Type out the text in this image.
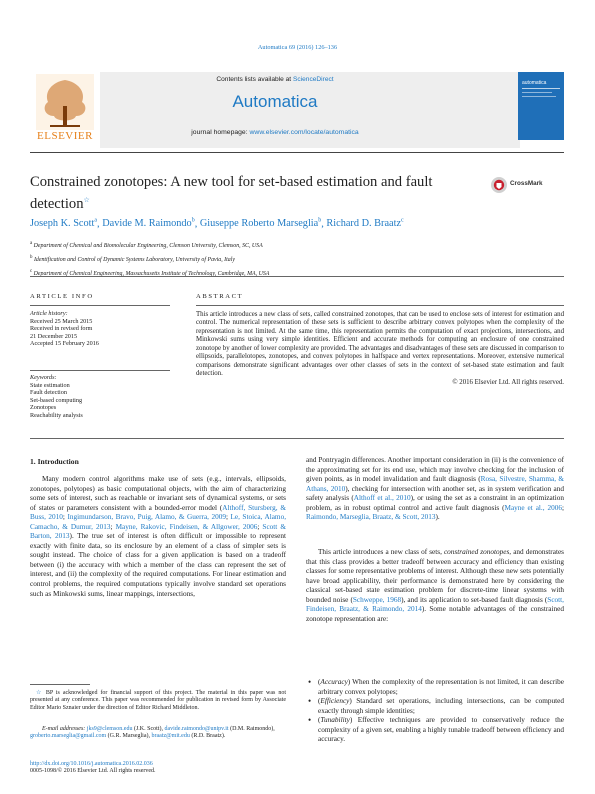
Automatica 69 (2016) 126–136
Contents lists available at ScienceDirect
Automatica
journal homepage: www.elsevier.com/locate/automatica
ELSEVIER
automatica
Constrained zonotopes: A new tool for set-based estimation and fault detection☆
CrossMark
Joseph K. Scott$^a$, Davide M. Raimondo$^b$, Giuseppe Roberto Marseglia$^b$, Richard D. Braatz$^c$
$^a$ Department of Chemical and Biomolecular Engineering, Clemson University, Clemson, SC, USA
$^b$ Identification and Control of Dynamic Systems Laboratory, University of Pavia, Italy
$^c$ Department of Chemical Engineering, Massachusetts Institute of Technology, Cambridge, MA, USA
ARTICLE INFO
Article history:
Received 25 March 2015
Received in revised form
21 December 2015
Accepted 15 February 2016
Keywords:
State estimation
Fault detection
Set-based computing
Zonotopes
Reachability analysis
ABSTRACT
This article introduces a new class of sets, called constrained zonotopes, that can be used to enclose sets of interest for estimation and control. The numerical representation of these sets is sufficient to describe arbitrary convex polytopes when the complexity of the representation is not limited. At the same time, this representation permits the computation of exact projections, intersections, and Minkowski sums using very simple identities. Efficient and accurate methods for computing an enclosure of one constrained zonotope by another of lower complexity are provided. The advantages and disadvantages of these sets are discussed in comparison to ellipsoids, parallelotopes, zonotopes, and convex polytopes in halfspace and vertex representations. Moreover, extensive numerical comparisons demonstrate significant advantages over other classes of sets in the context of set-based state estimation and fault detection.
© 2016 Elsevier Ltd. All rights reserved.
1. Introduction
Many modern control algorithms make use of sets (e.g., intervals, ellipsoids, zonotopes, polytopes) as basic computational objects, with the aim of characterizing some sets of interest, such as reachable or invariant sets of dynamical systems, or sets of states or parameters consistent with a bounded-error model (Althoff, Stursberg, & Buss, 2010; Ingimundarson, Bravo, Puig, Alamo, & Guerra, 2009; Le, Stoica, Alamo, Camacho, & Dumur, 2013; Mayne, Rakovic, Findeisen, & Allgower, 2006; Scott & Barton, 2013). The true set of interest is often difficult or impossible to represent exactly with finite data, so its enclosure by an element of a class of simpler sets is sought instead. The choice of class for a given application is based on a tradeoff between (i) the accuracy with which a member of the class can represent the set of interest, and (ii) the complexity of the required computations. For linear estimation and control problems, the required computations typically involve standard set operations such as Minkowski sums, linear mappings, intersections,
and Pontryagin differences. Another important consideration in (ii) is the convenience of the approximating set for its end use, which may involve checking for the inclusion of given points, as in model invalidation and fault diagnosis (Rosa, Silvestre, Shamma, & Athans, 2010), checking for intersection with another set, as in system verification and safety analysis (Althoff et al., 2010), or using the set as a constraint in an optimization problem, as in robust optimal control and active fault diagnosis (Mayne et al., 2006; Raimondo, Marseglia, Braatz, & Scott, 2013).
This article introduces a new class of sets, constrained zonotopes, and demonstrates that this class provides a better tradeoff between accuracy and efficiency than existing classes for some representative problems of interest. Although these new sets potentially have broad applicability, their performance is demonstrated here by considering the classical set-based state estimation problem for discrete-time linear systems with bounded noise (Schweppe, 1968), and its application to set-based fault diagnosis (Scott, Findeisen, Braatz, & Raimondo, 2014). Some notable advantages of the constrained zonotope representation are:
• (Accuracy) When the complexity of the representation is not limited, it can describe arbitrary convex polytopes;
• (Efficiency) Standard set operations, including intersections, can be computed exactly through simple identities;
• (Tunability) Effective techniques are provided to conservatively reduce the complexity of a given set, enabling a highly tunable tradeoff between efficiency and accuracy.
☆ BP is acknowledged for financial support of this project. The material in this paper was not presented at any conference. This paper was recommended for publication in revised form by Associate Editor Mario Sznaier under the direction of Editor Richard Middleton.
E-mail addresses: jks9@clemson.edu (J.K. Scott), davide.raimondo@unipv.it (D.M. Raimondo), groberto.marseglia@gmail.com (G.R. Marseglia), braatz@mit.edu (R.D. Braatz).
http://dx.doi.org/10.1016/j.automatica.2016.02.036
0005-1098/© 2016 Elsevier Ltd. All rights reserved.
